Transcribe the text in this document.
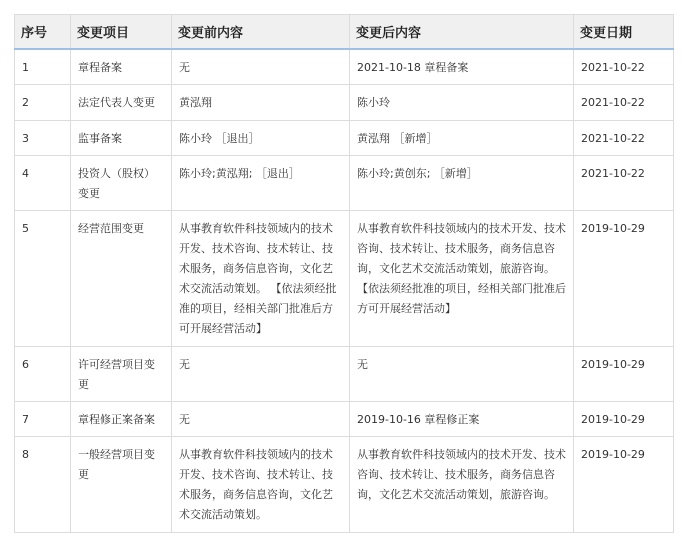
序号	变更项目	变更前内容	变更后内容	变更日期
1	章程备案	无	2021-10-18 章程备案	2021-10-22
2	法定代表人变更	黄泓翔	陈小玲	2021-10-22
3	监事备案	陈小玲 ［退出］	黄泓翔 ［新增］	2021-10-22
4	投资人（股权）变更	陈小玲;黄泓翔; ［退出］	陈小玲;黄创东; ［新增］	2021-10-22
5	经营范围变更	从事教育软件科技领域内的技术开发、技术咨询、技术转让、技术服务，商务信息咨询，文化艺术交流活动策划。 【依法须经批准的项目，经相关部门批准后方可开展经营活动】	从事教育软件科技领域内的技术开发、技术咨询、技术转让、技术服务，商务信息咨询，文化艺术交流活动策划，旅游咨询。 【依法须经批准的项目，经相关部门批准后方可开展经营活动】	2019-10-29
6	许可经营项目变更	无	无	2019-10-29
7	章程修正案备案	无	2019-10-16 章程修正案	2019-10-29
8	一般经营项目变更	从事教育软件科技领域内的技术开发、技术咨询、技术转让、技术服务，商务信息咨询，文化艺术交流活动策划。	从事教育软件科技领域内的技术开发、技术咨询、技术转让、技术服务，商务信息咨询，文化艺术交流活动策划，旅游咨询。	2019-10-29
